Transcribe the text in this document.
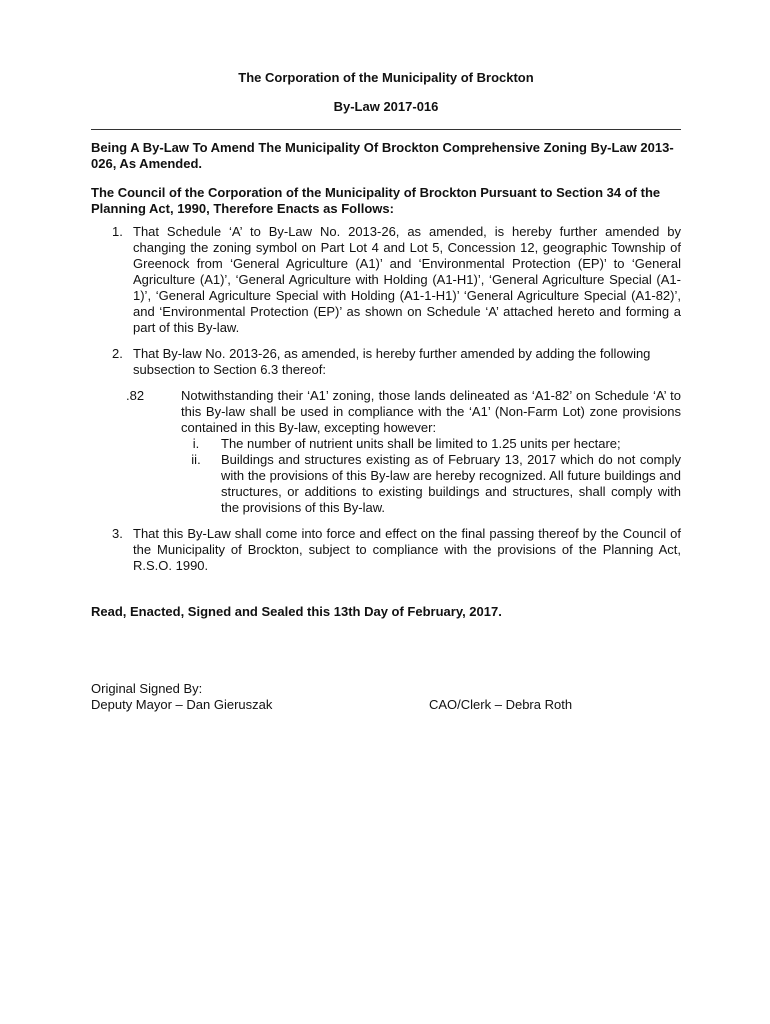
The Corporation of the Municipality of Brockton
By-Law 2017-016
Being A By-Law To Amend The Municipality Of Brockton Comprehensive Zoning By-Law 2013-026, As Amended.
The Council of the Corporation of the Municipality of Brockton Pursuant to Section 34 of the Planning Act, 1990, Therefore Enacts as Follows:
1. That Schedule ‘A’ to By-Law No. 2013-26, as amended, is hereby further amended by changing the zoning symbol on Part Lot 4 and Lot 5, Concession 12, geographic Township of Greenock from ‘General Agriculture (A1)’ and ‘Environmental Protection (EP)’ to ‘General Agriculture (A1)’, ‘General Agriculture with Holding (A1-H1)’, ‘General Agriculture Special (A1-1)’, ‘General Agriculture Special with Holding (A1-1-H1)’ ‘General Agriculture Special (A1-82)’, and ‘Environmental Protection (EP)’ as shown on Schedule ‘A’ attached hereto and forming a part of this By-law.
2. That By-law No. 2013-26, as amended, is hereby further amended by adding the following subsection to Section 6.3 thereof:
.82	Notwithstanding their ‘A1’ zoning, those lands delineated as ‘A1-82’ on Schedule ‘A’ to this By-law shall be used in compliance with the ‘A1’ (Non-Farm Lot) zone provisions contained in this By-law, excepting however:
i.	The number of nutrient units shall be limited to 1.25 units per hectare;
ii.	Buildings and structures existing as of February 13, 2017 which do not comply with the provisions of this By-law are hereby recognized. All future buildings and structures, or additions to existing buildings and structures, shall comply with the provisions of this By-law.
3. That this By-Law shall come into force and effect on the final passing thereof by the Council of the Municipality of Brockton, subject to compliance with the provisions of the Planning Act, R.S.O. 1990.
Read, Enacted, Signed and Sealed this 13th Day of February, 2017.
Original Signed By:
Deputy Mayor – Dan Gieruszak	CAO/Clerk – Debra Roth
